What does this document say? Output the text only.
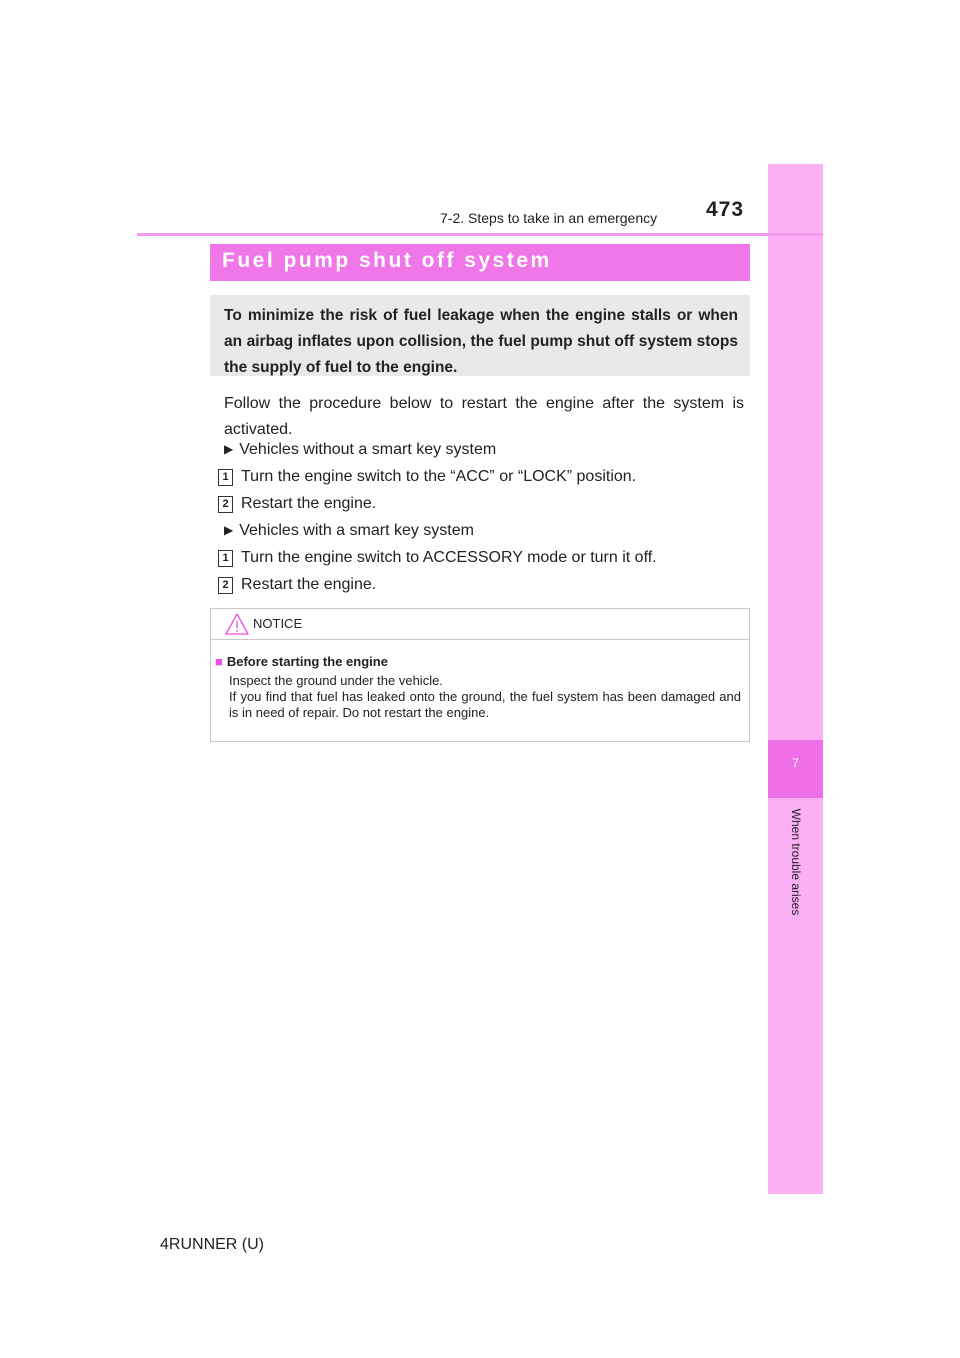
7
When trouble arises
7-2. Steps to take in an emergency 473
Fuel pump shut off system
To minimize the risk of fuel leakage when the engine stalls or when an airbag inflates upon collision, the fuel pump shut off system stops the supply of fuel to the engine.
Follow the procedure below to restart the engine after the system is activated.
▶ Vehicles without a smart key system
1 Turn the engine switch to the “ACC” or “LOCK” position.
2 Restart the engine.
▶ Vehicles with a smart key system
1 Turn the engine switch to ACCESSORY mode or turn it off.
2 Restart the engine.
NOTICE
■ Before starting the engine
Inspect the ground under the vehicle.
If you find that fuel has leaked onto the ground, the fuel system has been damaged and is in need of repair. Do not restart the engine.
4RUNNER (U)
